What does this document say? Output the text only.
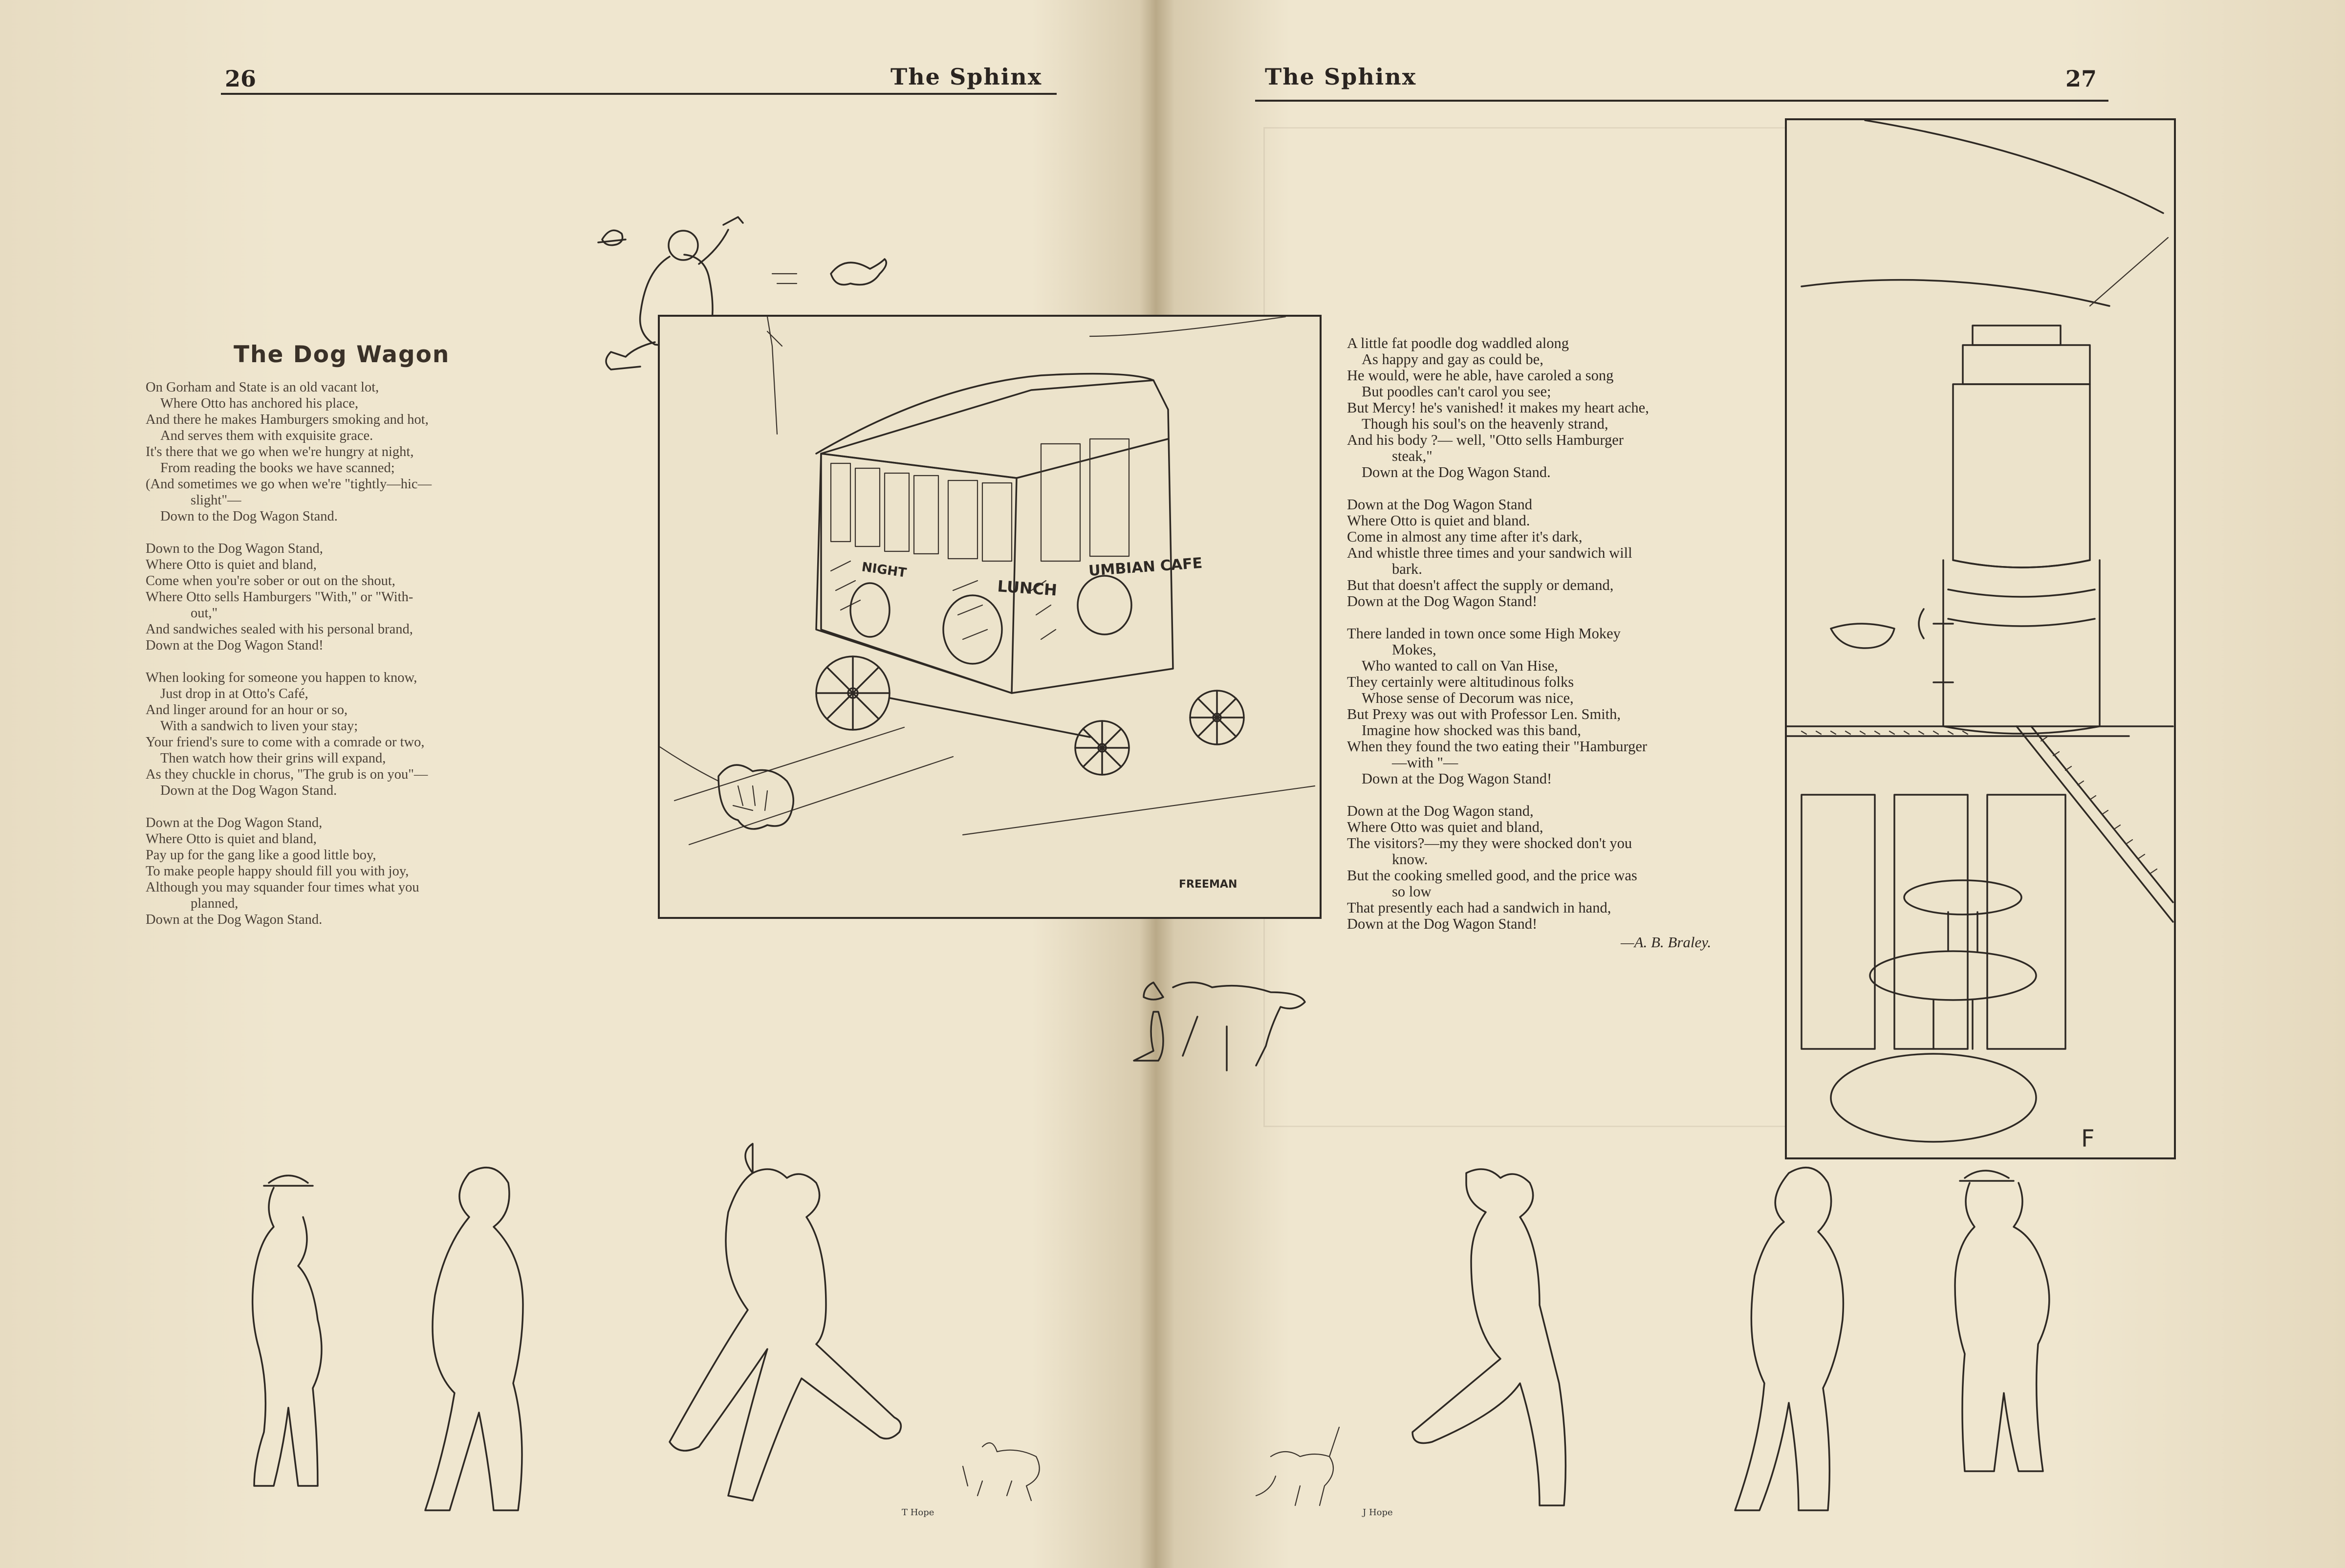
26	The Sphinx	The Sphinx	27
The Dog Wagon
On Gorham and State is an old vacant lot,
Where Otto has anchored his place,
And there he makes Hamburgers smoking and hot,
And serves them with exquisite grace.
It's there that we go when we're hungry at night,
From reading the books we have scanned;
(And sometimes we go when we're "tightly—hic—
slight"—
Down to the Dog Wagon Stand.
Down to the Dog Wagon Stand,
Where Otto is quiet and bland,
Come when you're sober or out on the shout,
Where Otto sells Hamburgers "With," or "With-
out,"
And sandwiches sealed with his personal brand,
Down at the Dog Wagon Stand!
When looking for someone you happen to know,
Just drop in at Otto's Café,
And linger around for an hour or so,
With a sandwich to liven your stay;
Your friend's sure to come with a comrade or two,
Then watch how their grins will expand,
As they chuckle in chorus, "The grub is on you"—
Down at the Dog Wagon Stand.
Down at the Dog Wagon Stand,
Where Otto is quiet and bland,
Pay up for the gang like a good little boy,
To make people happy should fill you with joy,
Although you may squander four times what you
planned,
Down at the Dog Wagon Stand.
A little fat poodle dog waddled along
As happy and gay as could be,
He would, were he able, have caroled a song
But poodles can't carol you see;
But Mercy! he's vanished! it makes my heart ache,
Though his soul's on the heavenly strand,
And his body ?— well, "Otto sells Hamburger
steak,"
Down at the Dog Wagon Stand.
Down at the Dog Wagon Stand
Where Otto is quiet and bland.
Come in almost any time after it's dark,
And whistle three times and your sandwich will
bark.
But that doesn't affect the supply or demand,
Down at the Dog Wagon Stand!
There landed in town once some High Mokey
Mokes,
Who wanted to call on Van Hise,
They certainly were altitudinous folks
Whose sense of Decorum was nice,
But Prexy was out with Professor Len. Smith,
Imagine how shocked was this band,
When they found the two eating their "Hamburger
—with "—
Down at the Dog Wagon Stand!
Down at the Dog Wagon stand,
Where Otto was quiet and bland,
The visitors?—my they were shocked don't you
know.
But the cooking smelled good, and the price was
so low
That presently each had a sandwich in hand,
Down at the Dog Wagon Stand!
—A. B. Braley.
NIGHT
LUNCH
UMBIAN CAFE
FREEMAN
F
T Hope	J Hope
